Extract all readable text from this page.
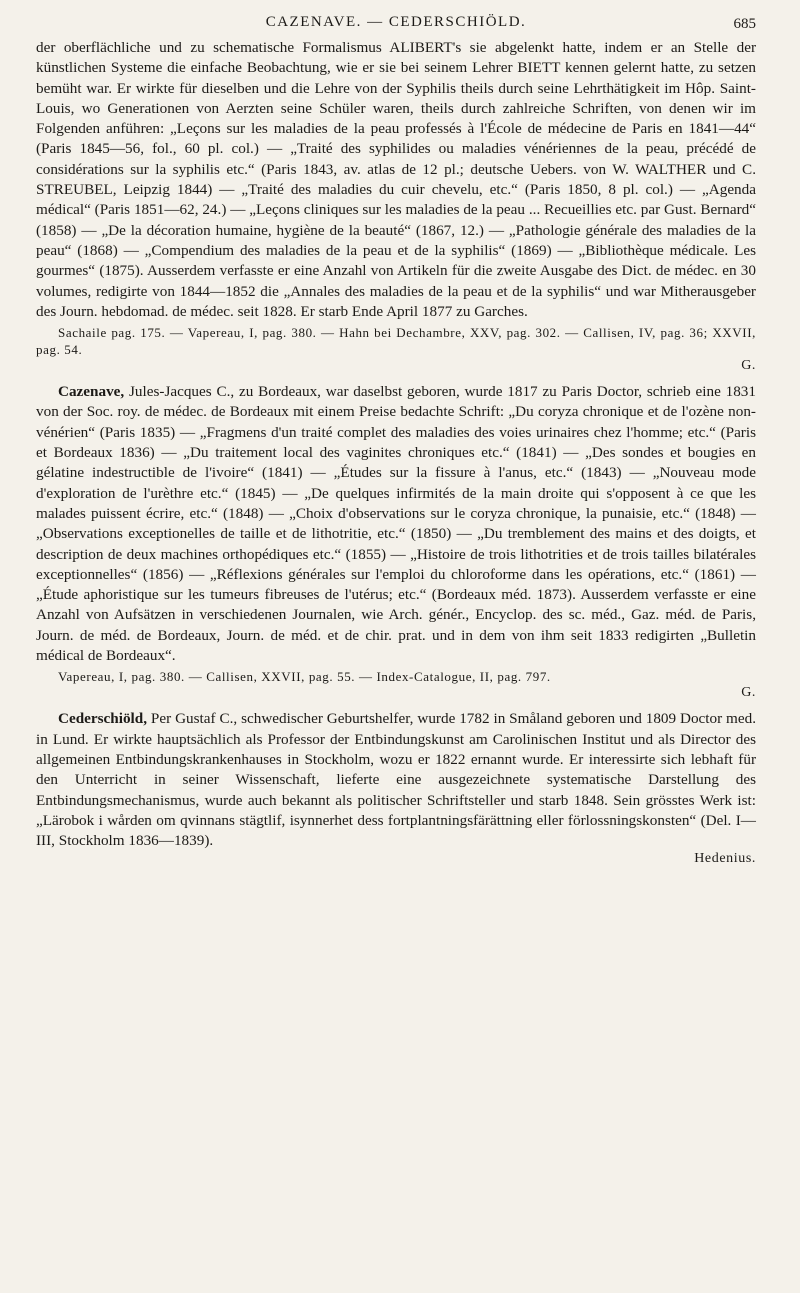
CAZENAVE. — CEDERSCHIÖLD.	685

der oberflächliche und zu schematische Formalismus ALIBERT's sie abgelenkt hatte, indem er an Stelle der künstlichen Systeme die einfache Beobachtung, wie er sie bei seinem Lehrer BIETT kennen gelernt hatte, zu setzen bemüht war. Er wirkte für dieselben und die Lehre von der Syphilis theils durch seine Lehrthätigkeit im Hôp. Saint-Louis, wo Generationen von Aerzten seine Schüler waren, theils durch zahlreiche Schriften, von denen wir im Folgenden anführen: „Leçons sur les maladies de la peau professés à l'École de médecine de Paris en 1841—44“ (Paris 1845—56, fol., 60 pl. col.) — „Traité des syphilides ou maladies vénériennes de la peau, précédé de considérations sur la syphilis etc.“ (Paris 1843, av. atlas de 12 pl.; deutsche Uebers. von W. WALTHER und C. STREUBEL, Leipzig 1844) — „Traité des maladies du cuir chevelu, etc.“ (Paris 1850, 8 pl. col.) — „Agenda médical“ (Paris 1851—62, 24.) — „Leçons cliniques sur les maladies de la peau ... Recueillies etc. par Gust. Bernard“ (1858) — „De la décoration humaine, hygiène de la beauté“ (1867, 12.) — „Pathologie générale des maladies de la peau“ (1868) — „Compendium des maladies de la peau et de la syphilis“ (1869) — „Bibliothèque médicale. Les gourmes“ (1875). Ausserdem verfasste er eine Anzahl von Artikeln für die zweite Ausgabe des Dict. de médec. en 30 volumes, redigirte von 1844—1852 die „Annales des maladies de la peau et de la syphilis“ und war Mitherausgeber des Journ. hebdomad. de médec. seit 1828. Er starb Ende April 1877 zu Garches.

Sachaile pag. 175. — Vapereau, I, pag. 380. — Hahn bei Dechambre, XXV, pag. 302. — Callisen, IV, pag. 36; XXVII, pag. 54.

G.

Cazenave, Jules-Jacques C., zu Bordeaux, war daselbst geboren, wurde 1817 zu Paris Doctor, schrieb eine 1831 von der Soc. roy. de médec. de Bordeaux mit einem Preise bedachte Schrift: „Du coryza chronique et de l'ozène non-vénérien“ (Paris 1835) — „Fragmens d'un traité complet des maladies des voies urinaires chez l'homme; etc.“ (Paris et Bordeaux 1836) — „Du traitement local des vaginites chroniques etc.“ (1841) — „Des sondes et bougies en gélatine indestructible de l'ivoire“ (1841) — „Études sur la fissure à l'anus, etc.“ (1843) — „Nouveau mode d'exploration de l'urèthre etc.“ (1845) — „De quelques infirmités de la main droite qui s'opposent à ce que les malades puissent écrire, etc.“ (1848) — „Choix d'observations sur le coryza chronique, la punaisie, etc.“ (1848) — „Observations exceptionelles de taille et de lithotritie, etc.“ (1850) — „Du tremblement des mains et des doigts, et description de deux machines orthopédiques etc.“ (1855) — „Histoire de trois lithotrities et de trois tailles bilatérales exceptionnelles“ (1856) — „Réflexions générales sur l'emploi du chloroforme dans les opérations, etc.“ (1861) — „Étude aphoristique sur les tumeurs fibreuses de l'utérus; etc.“ (Bordeaux méd. 1873). Ausserdem verfasste er eine Anzahl von Aufsätzen in verschiedenen Journalen, wie Arch. génér., Encyclop. des sc. méd., Gaz. méd. de Paris, Journ. de méd. de Bordeaux, Journ. de méd. et de chir. prat. und in dem von ihm seit 1833 redigirten „Bulletin médical de Bordeaux“.

Vapereau, I, pag. 380. — Callisen, XXVII, pag. 55. — Index-Catalogue, II, pag. 797.

G.

Cederschiöld, Per Gustaf C., schwedischer Geburtshelfer, wurde 1782 in Småland geboren und 1809 Doctor med. in Lund. Er wirkte hauptsächlich als Professor der Entbindungskunst am Carolinischen Institut und als Director des allgemeinen Entbindungskrankenhauses in Stockholm, wozu er 1822 ernannt wurde. Er interessirte sich lebhaft für den Unterricht in seiner Wissenschaft, lieferte eine ausgezeichnete systematische Darstellung des Entbindungsmechanismus, wurde auch bekannt als politischer Schriftsteller und starb 1848. Sein grösstes Werk ist: „Lärobok i wården om qvinnans stägtlif, isynnerhet dess fortplantningsfärättning eller förlossningskonsten“ (Del. I—III, Stockholm 1836—1839).

Hedenius.
